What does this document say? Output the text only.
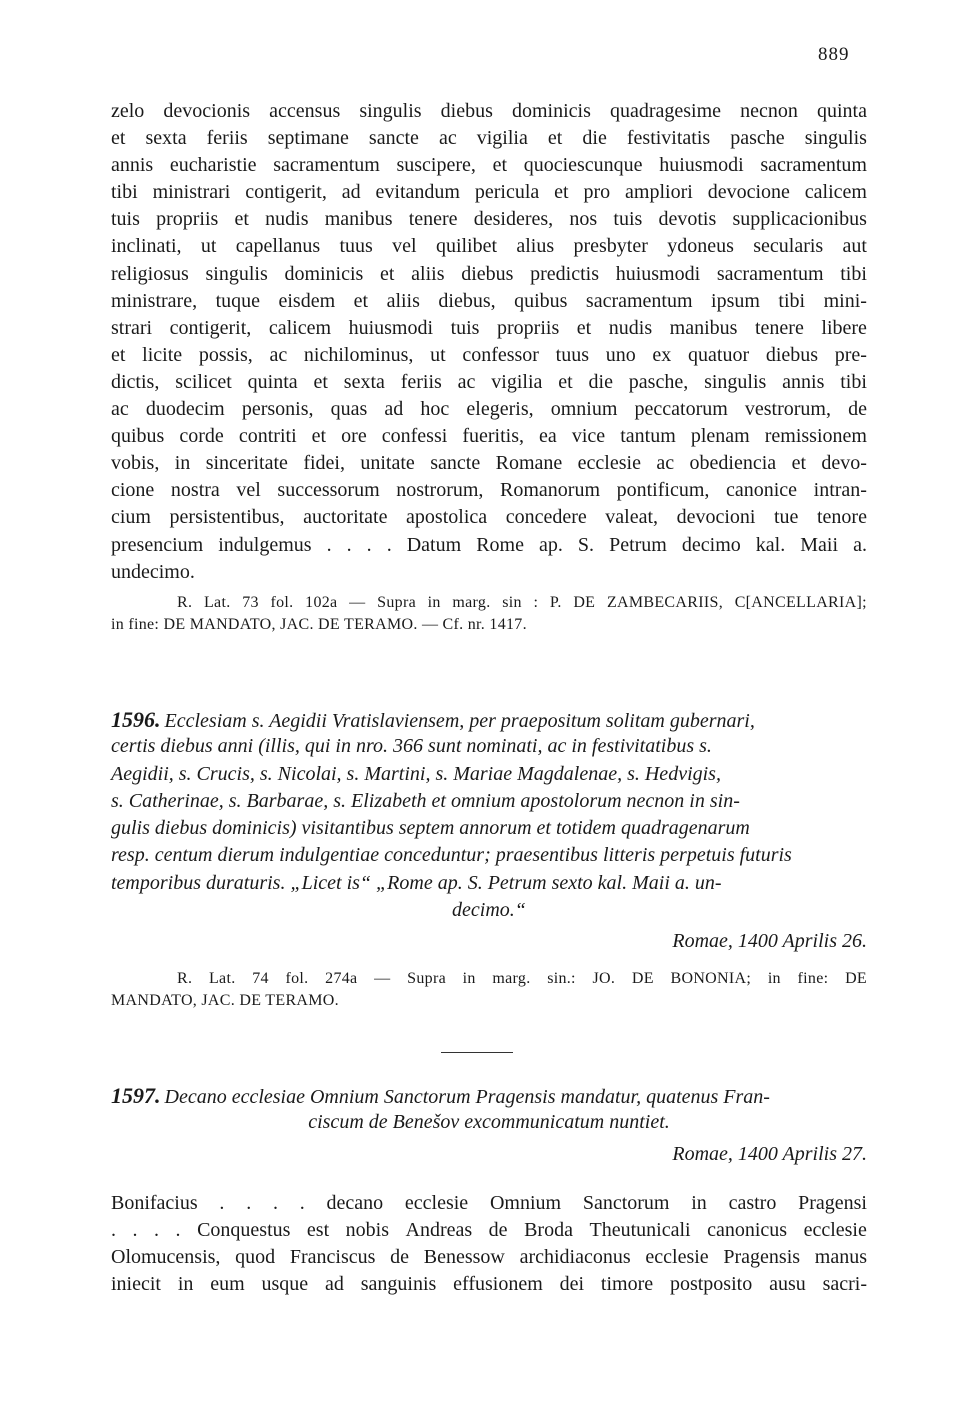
889
zelo devocionis accensus singulis diebus dominicis quadragesime necnon quinta
et sexta feriis septimane sancte ac vigilia et die festivitatis pasche singulis
annis eucharistie sacramentum suscipere, et quociescunque huiusmodi sacramentum
tibi ministrari contigerit, ad evitandum pericula et pro ampliori devocione calicem
tuis propriis et nudis manibus tenere desideres, nos tuis devotis supplicacionibus
inclinati, ut capellanus tuus vel quilibet alius presbyter ydoneus secularis aut
religiosus singulis dominicis et aliis diebus predictis huiusmodi sacramentum tibi
ministrare, tuque eisdem et aliis diebus, quibus sacramentum ipsum tibi mini-
strari contigerit, calicem huiusmodi tuis propriis et nudis manibus tenere libere
et licite possis, ac nichilominus, ut confessor tuus uno ex quatuor diebus pre-
dictis, scilicet quinta et sexta feriis ac vigilia et die pasche, singulis annis tibi
ac duodecim personis, quas ad hoc elegeris, omnium peccatorum vestrorum, de
quibus corde contriti et ore confessi fueritis, ea vice tantum plenam remissionem
vobis, in sinceritate fidei, unitate sancte Romane ecclesie ac obediencia et devo-
cione nostra vel successorum nostrorum, Romanorum pontificum, canonice intran-
cium persistentibus, auctoritate apostolica concedere valeat, devocioni tue tenore
presencium indulgemus . . . . Datum Rome ap. S. Petrum decimo kal. Maii a.
undecimo.
R. Lat. 73 fol. 102a — Supra in marg. sin : P. DE ZAMBECARIIS, C[ANCELLARIA];
in fine: DE MANDATO, JAC. DE TERAMO. — Cf. nr. 1417.
1596. Ecclesiam s. Aegidii Vratislaviensem, per praepositum solitam gubernari,
certis diebus anni (illis, qui in nro. 366 sunt nominati, ac in festivitatibus s.
Aegidii, s. Crucis, s. Nicolai, s. Martini, s. Mariae Magdalenae, s. Hedvigis,
s. Catherinae, s. Barbarae, s. Elizabeth et omnium apostolorum necnon in sin-
gulis diebus dominicis) visitantibus septem annorum et totidem quadragenarum
resp. centum dierum indulgentiae conceduntur; praesentibus litteris perpetuis futuris
temporibus duraturis. „Licet is“ „Rome ap. S. Petrum sexto kal. Maii a. un-
decimo.“
Romae, 1400 Aprilis 26.
R. Lat. 74 fol. 274a — Supra in marg. sin.: JO. DE BONONIA; in fine: DE
MANDATO, JAC. DE TERAMO.
1597. Decano ecclesiae Omnium Sanctorum Pragensis mandatur, quatenus Fran-
ciscum de Benešov excommunicatum nuntiet.
Romae, 1400 Aprilis 27.
Bonifacius . . . . decano ecclesie Omnium Sanctorum in castro Pragensi
. . . . Conquestus est nobis Andreas de Broda Theutunicali canonicus ecclesie
Olomucensis, quod Franciscus de Benessow archidiaconus ecclesie Pragensis manus
iniecit in eum usque ad sanguinis effusionem dei timore postposito ausu sacri-
